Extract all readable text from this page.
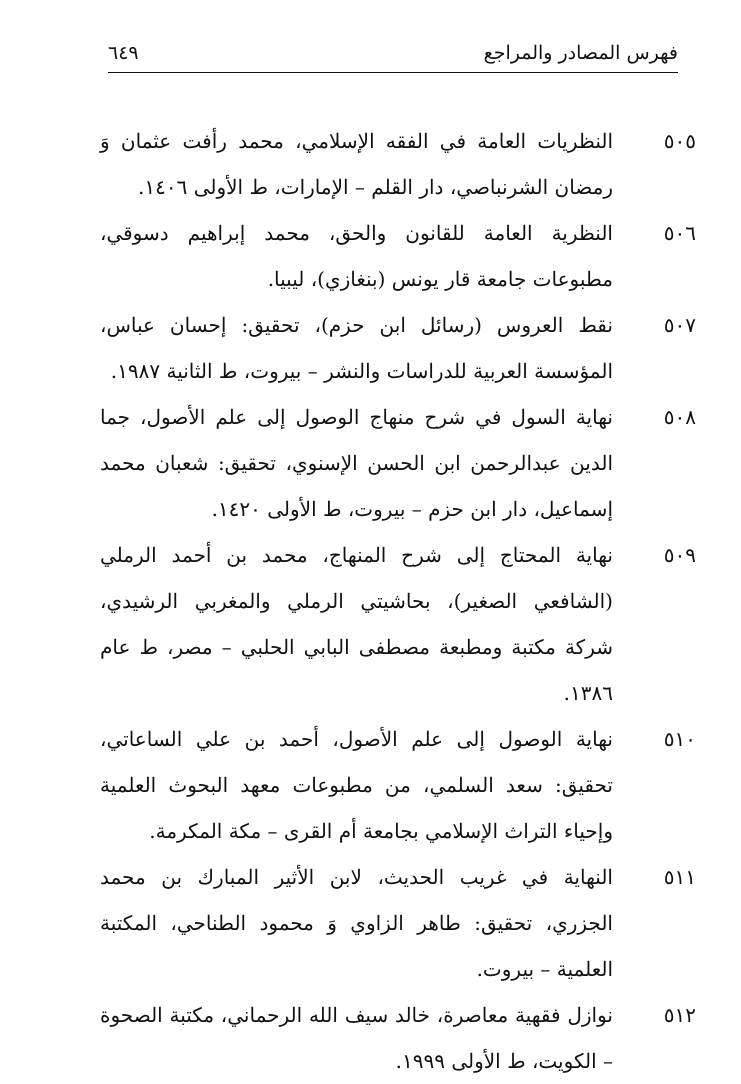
فهرس المصادر والمراجع
٦٤٩
٥٠٥

النظريات العامة في الفقه الإسلامي، محمد رأفت عثمان وَ رمضان الشرنباصي، دار القلم – الإمارات، ط الأولى ١٤٠٦.

٥٠٦

النظرية العامة للقانون والحق، محمد إبراهيم دسوقي، مطبوعات جامعة قار يونس (بنغازي)، ليبيا.

٥٠٧

نقط العروس (رسائل ابن حزم)، تحقيق: إحسان عباس، المؤسسة العربية للدراسات والنشر – بيروت، ط الثانية ١٩٨٧.

٥٠٨

نهاية السول في شرح منهاج الوصول إلى علم الأصول، جما الدين عبدالرحمن ابن الحسن الإسنوي، تحقيق: شعبان محمد إسماعيل، دار ابن حزم – بيروت، ط الأولى ١٤٢٠.

٥٠٩

نهاية المحتاج إلى شرح المنهاج، محمد بن أحمد الرملي (الشافعي الصغير)، بحاشيتي الرملي والمغربي الرشيدي، شركة مكتبة ومطبعة مصطفى البابي الحلبي – مصر، ط عام ١٣٨٦.

٥١٠

نهاية الوصول إلى علم الأصول، أحمد بن علي الساعاتي، تحقيق: سعد السلمي، من مطبوعات معهد البحوث العلمية وإحياء التراث الإسلامي بجامعة أم القرى – مكة المكرمة.

٥١١

النهاية في غريب الحديث، لابن الأثير المبارك بن محمد الجزري، تحقيق: طاهر الزاوي وَ محمود الطناحي، المكتبة العلمية – بيروت.

٥١٢

نوازل فقهية معاصرة، خالد سيف الله الرحماني، مكتبة الصحوة – الكويت، ط الأولى ١٩٩٩.
